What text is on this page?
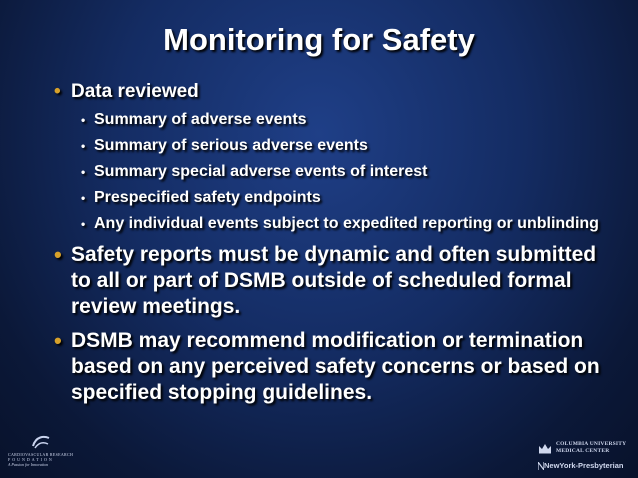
Monitoring for Safety
• Data reviewed
• Summary of adverse events
• Summary of serious adverse events
• Summary special adverse events of interest
• Prespecified safety endpoints
• Any individual events subject to expedited reporting or unblinding
• Safety reports must be dynamic and often submitted to all or part of DSMB outside of scheduled formal review meetings.
• DSMB may recommend modification or termination based on any perceived safety concerns or based on specified stopping guidelines.
CARDIOVASCULAR RESEARCH
FOUNDATION
A Passion for Innovation
COLUMBIA UNIVERSITY
MEDICAL CENTER
NewYork-Presbyterian
